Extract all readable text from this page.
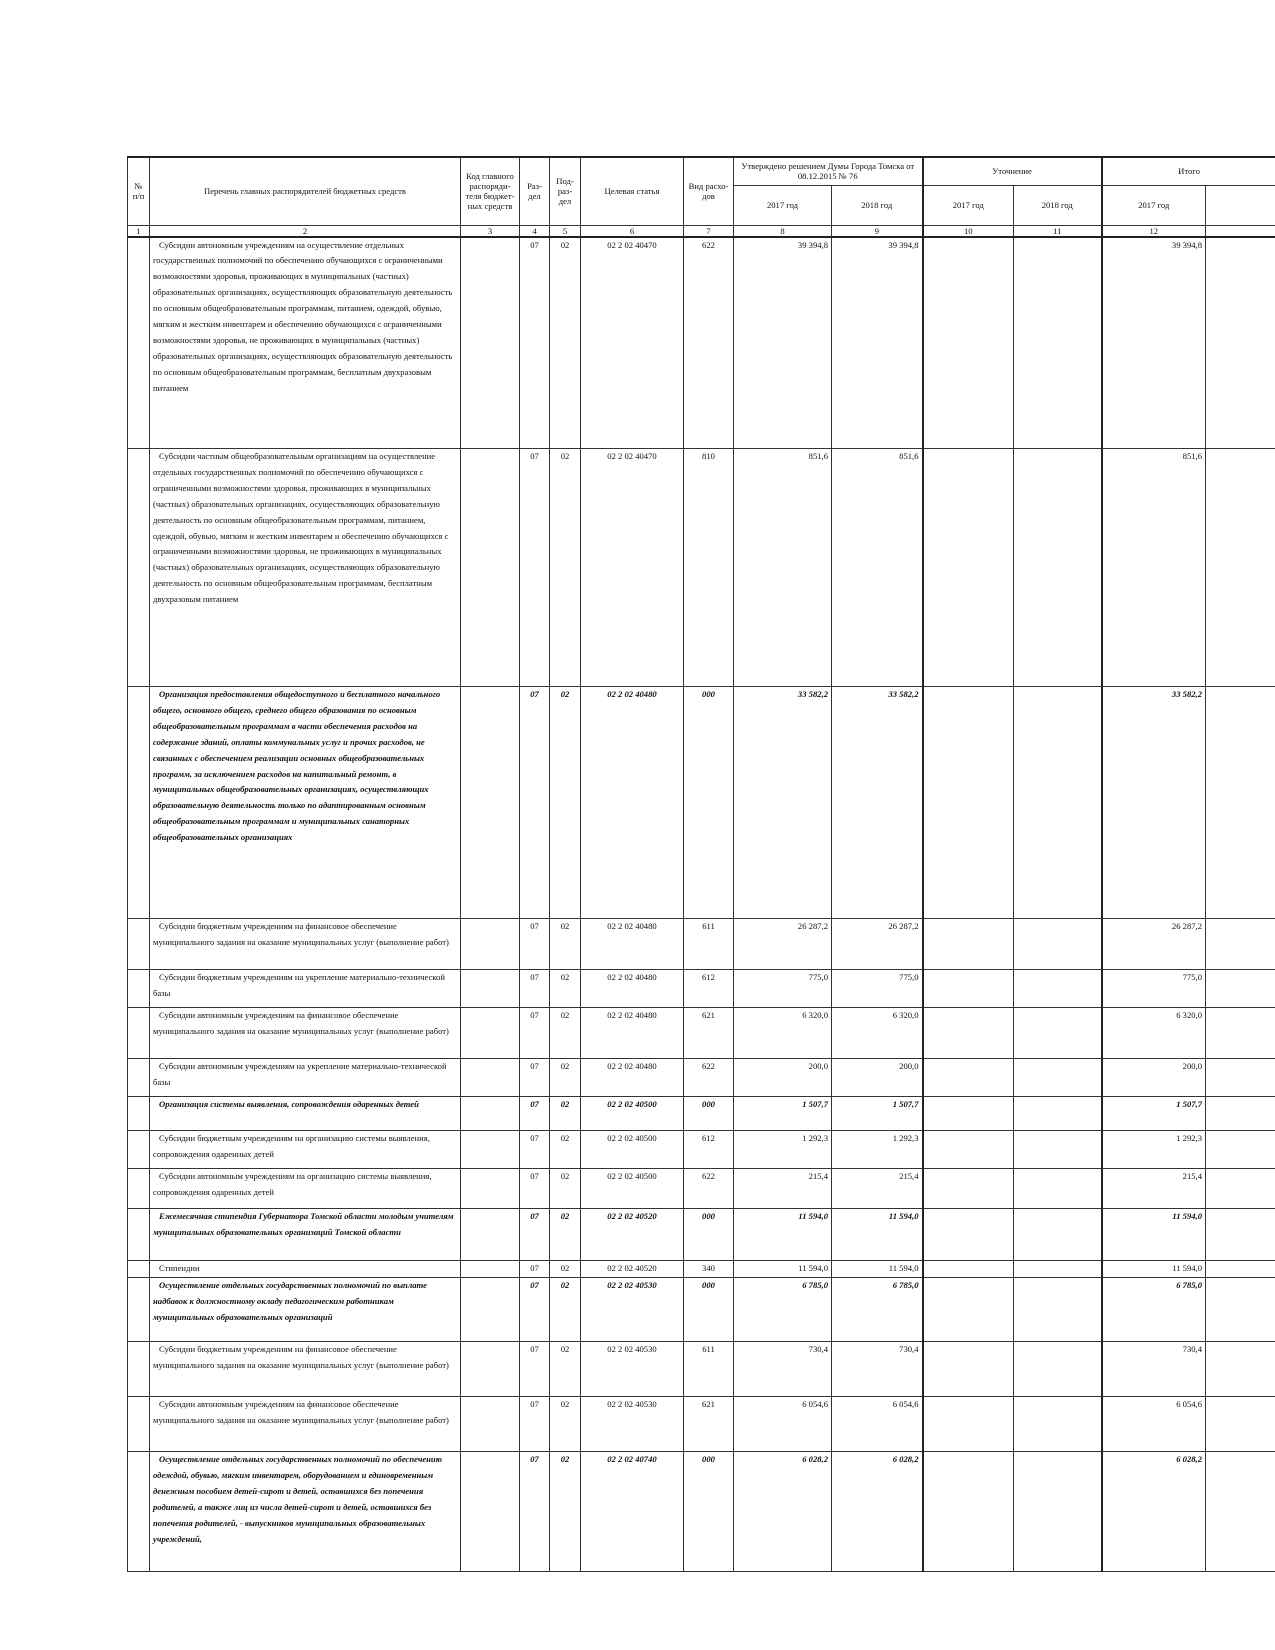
№ п/п	Перечень главных распорядителей бюджетных средств	Код главного распоряди-теля бюджет-ных средств	Раз-дел	Под-раз-дел	Целевая статья	Вид расхо-дов	Утверждено решением Думы Города Томска от 08.12.2015 № 76		Уточнение		Итого	
							2017 год	2018 год	2017 год	2018 год	2017 год	
1	2	3	4	5	6	7	8	9	10	11	12	
	Субсидии автономным учреждениям на осуществление отдельных государственных полномочий по обеспечению обучающихся с ограниченными возможностями здоровья, проживающих в муниципальных (частных) образовательных организациях, осуществляющих образовательную деятельность по основным общеобразовательным программам, питанием, одеждой, обувью, мягким и жестким инвентарем и обеспечению обучающихся с ограниченными возможностями здоровья, не проживающих в муниципальных (частных) образовательных организациях, осуществляющих образовательную деятельность по основным общеобразовательным программам, бесплатным двухразовым питанием		07	02	02 2 02 40470	622	39 394,8	39 394,8			39 394,8	
	Субсидии частным общеобразовательным организациям на осуществление отдельных государственных полномочий по обеспечению обучающихся с ограниченными возможностями здоровья, проживающих в муниципальных (частных) образовательных организациях, осуществляющих образовательную деятельность по основным общеобразовательным программам, питанием, одеждой, обувью, мягким и жестким инвентарем и обеспечению обучающихся с ограниченными возможностями здоровья, не проживающих в муниципальных (частных) образовательных организациях, осуществляющих образовательную деятельность по основным общеобразовательным программам, бесплатным двухразовым питанием		07	02	02 2 02 40470	810	851,6	851,6			851,6	
	Организация предоставления общедоступного и бесплатного начального общего, основного общего, среднего общего образования по основным общеобразовательным программам в части обеспечения расходов на содержание зданий, оплаты коммунальных услуг и прочих расходов, не связанных с обеспечением реализации основных общеобразовательных программ, за исключением расходов на капитальный ремонт, в муниципальных общеобразовательных организациях, осуществляющих образовательную деятельность только по адаптированным основным общеобразовательным программам и муниципальных санаторных общеобразовательных организациях		07	02	02 2 02 40480	000	33 582,2	33 582,2			33 582,2	
	Субсидии бюджетным учреждениям на финансовое обеспечение муниципального задания на оказание муниципальных услуг (выполнение работ)		07	02	02 2 02 40480	611	26 287,2	26 287,2			26 287,2	
	Субсидии бюджетным учреждениям на укрепление материально-технической базы		07	02	02 2 02 40480	612	775,0	775,0			775,0	
	Субсидии автономным учреждениям на финансовое обеспечение муниципального задания на оказание муниципальных услуг (выполнение работ)		07	02	02 2 02 40480	621	6 320,0	6 320,0			6 320,0	
	Субсидии автономным учреждениям на укрепление материально-технической базы		07	02	02 2 02 40480	622	200,0	200,0			200,0	
	Организация системы выявления, сопровождения одаренных детей		07	02	02 2 02 40500	000	1 507,7	1 507,7			1 507,7	
	Субсидии бюджетным учреждениям на организацию системы выявления, сопровождения одаренных детей		07	02	02 2 02 40500	612	1 292,3	1 292,3			1 292,3	
	Субсидии автономным учреждениям на организацию системы выявления, сопровождения одаренных детей		07	02	02 2 02 40500	622	215,4	215,4			215,4	
	Ежемесячная стипендия Губернатора Томской области молодым учителям муниципальных образовательных организаций Томской области		07	02	02 2 02 40520	000	11 594,0	11 594,0			11 594,0	
	Стипендии		07	02	02 2 02 40520	340	11 594,0	11 594,0			11 594,0	
	Осуществление отдельных государственных полномочий по выплате надбавок к должностному окладу педагогическим работникам муниципальных образовательных организаций		07	02	02 2 02 40530	000	6 785,0	6 785,0			6 785,0	
	Субсидии бюджетным учреждениям на финансовое обеспечение муниципального задания на оказание муниципальных услуг (выполнение работ)		07	02	02 2 02 40530	611	730,4	730,4			730,4	
	Субсидии автономным учреждениям на финансовое обеспечение муниципального задания на оказание муниципальных услуг (выполнение работ)		07	02	02 2 02 40530	621	6 054,6	6 054,6			6 054,6	
	Осуществление отдельных государственных полномочий по обеспечению одеждой, обувью, мягким инвентарем, оборудованием и единовременным денежным пособием детей-сирот и детей, оставшихся без попечения родителей, а также лиц из числа детей-сирот и детей, оставшихся без попечения родителей, - выпускников муниципальных образовательных учреждений,		07	02	02 2 02 40740	000	6 028,2	6 028,2			6 028,2	
